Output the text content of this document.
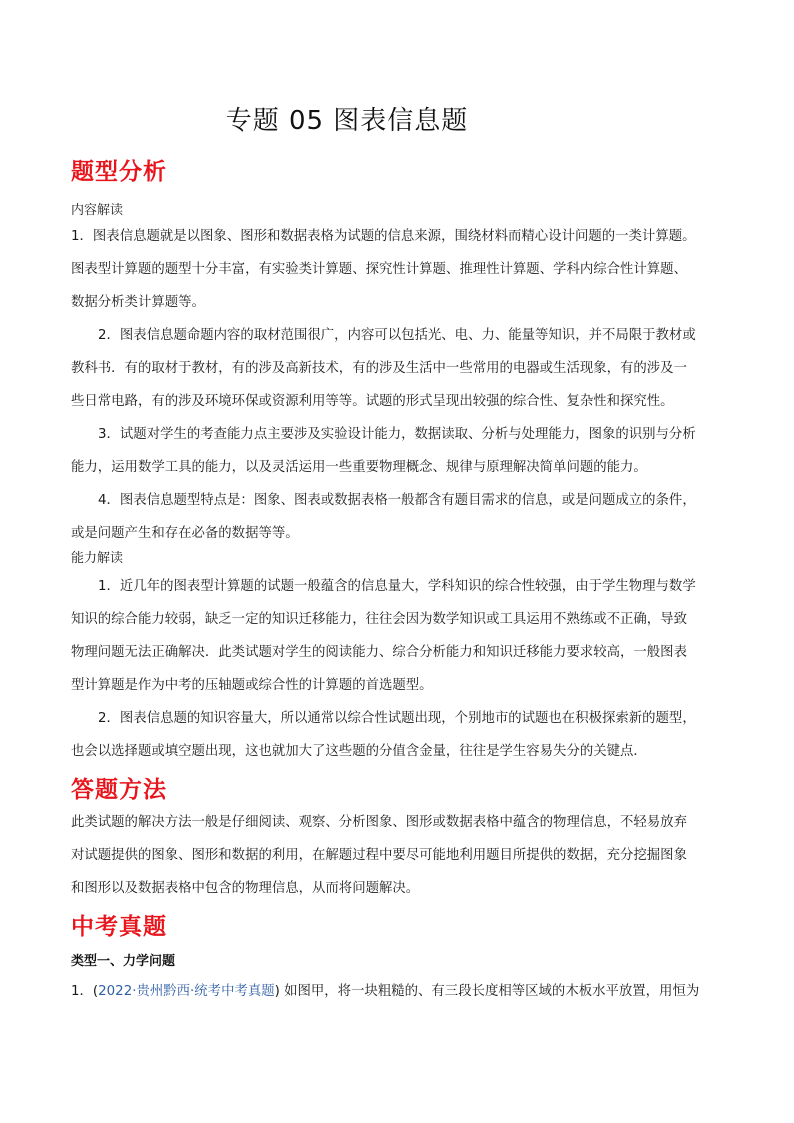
专题 05 图表信息题
题型分析
内容解读
1．图表信息题就是以图象、图形和数据表格为试题的信息来源，围绕材料而精心设计问题的一类计算题。
图表型计算题的题型十分丰富，有实验类计算题、探究性计算题、推理性计算题、学科内综合性计算题、
数据分析类计算题等。
2．图表信息题命题内容的取材范围很广，内容可以包括光、电、力、能量等知识，并不局限于教材或
教科书．有的取材于教材，有的涉及高新技术，有的涉及生活中一些常用的电器或生活现象，有的涉及一
些日常电路，有的涉及环境环保或资源利用等等。试题的形式呈现出较强的综合性、复杂性和探究性。
3．试题对学生的考查能力点主要涉及实验设计能力，数据读取、分析与处理能力，图象的识别与分析
能力，运用数学工具的能力，以及灵活运用一些重要物理概念、规律与原理解决简单问题的能力。
4．图表信息题型特点是：图象、图表或数据表格一般都含有题目需求的信息，或是问题成立的条件，
或是问题产生和存在必备的数据等等。
能力解读
1．近几年的图表型计算题的试题一般蕴含的信息量大，学科知识的综合性较强，由于学生物理与数学
知识的综合能力较弱，缺乏一定的知识迁移能力，往往会因为数学知识或工具运用不熟练或不正确，导致
物理问题无法正确解决．此类试题对学生的阅读能力、综合分析能力和知识迁移能力要求较高，一般图表
型计算题是作为中考的压轴题或综合性的计算题的首选题型。
2．图表信息题的知识容量大，所以通常以综合性试题出现，个别地市的试题也在积极探索新的题型，
也会以选择题或填空题出现，这也就加大了这些题的分值含金量，往往是学生容易失分的关键点．
答题方法
此类试题的解决方法一般是仔细阅读、观察、分析图象、图形或数据表格中蕴含的物理信息，不轻易放弃
对试题提供的图象、图形和数据的利用，在解题过程中要尽可能地利用题目所提供的数据，充分挖掘图象
和图形以及数据表格中包含的物理信息，从而将问题解决。
中考真题
类型一、力学问题
1．(2022·贵州黔西·统考中考真题) 如图甲，将一块粗糙的、有三段长度相等区域的木板水平放置，用恒为
